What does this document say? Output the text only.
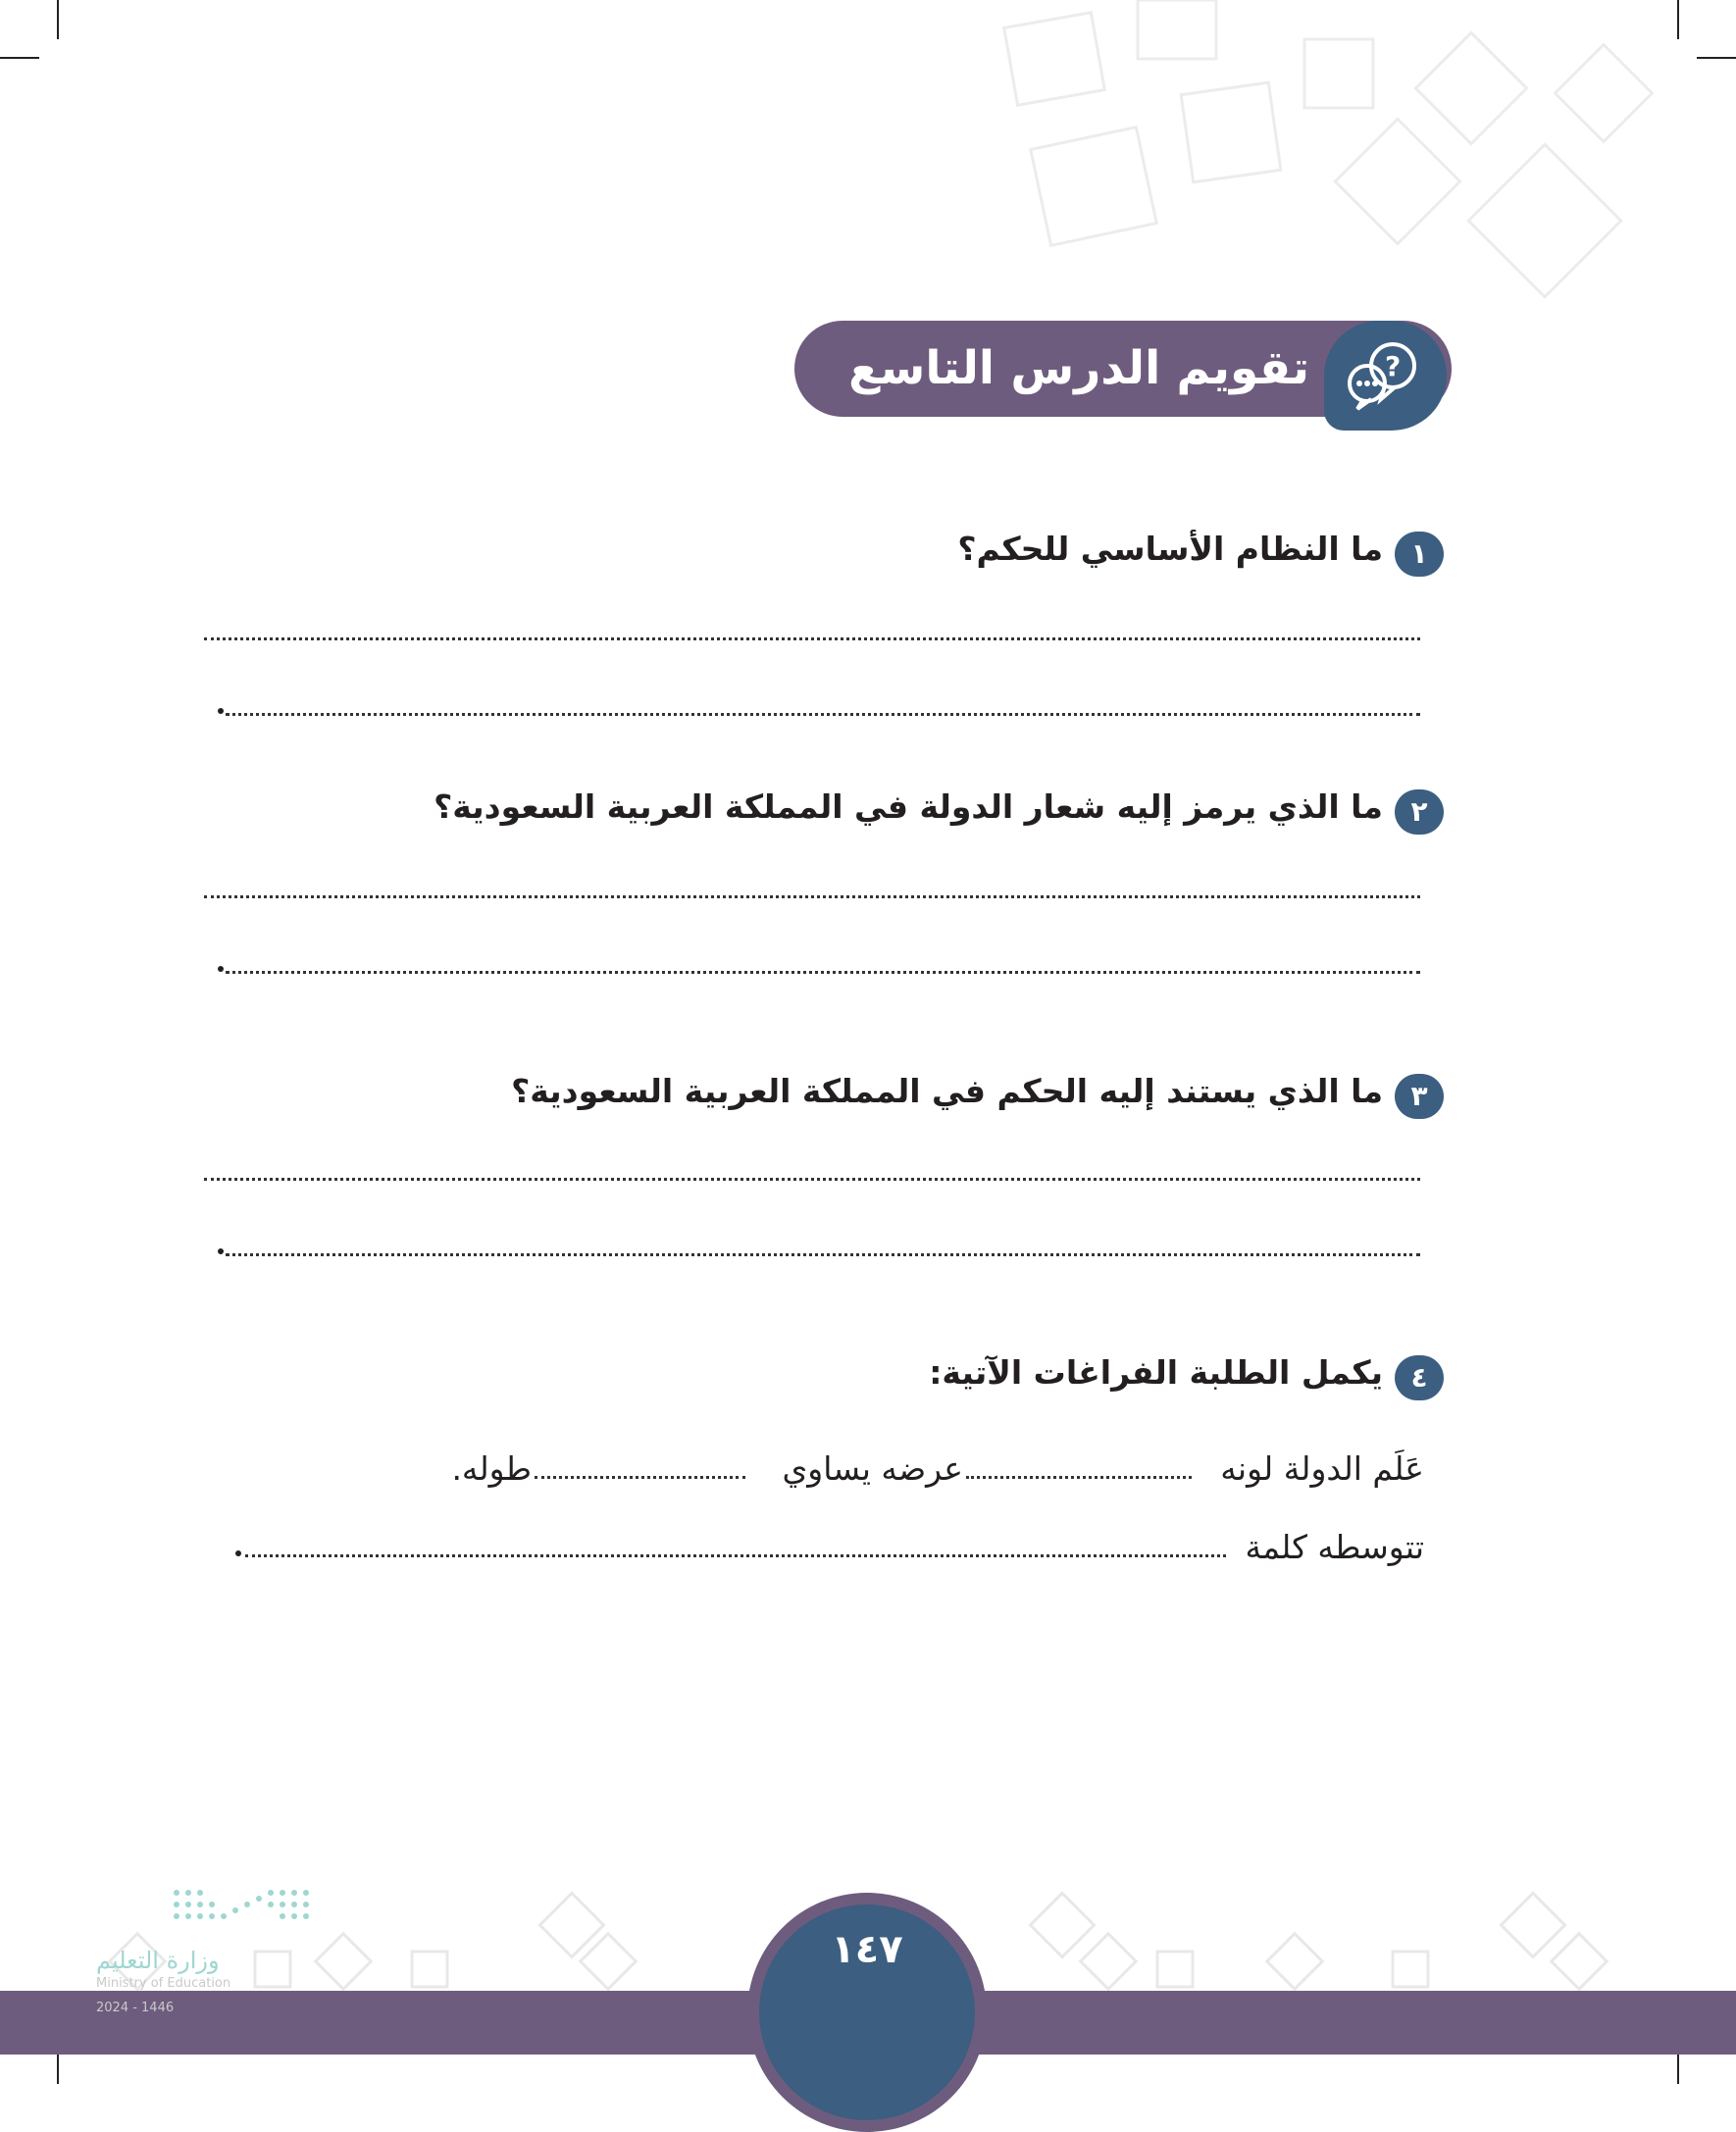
تقويم الدرس التاسع عشر
?
١
ما النظام الأساسي للحكم؟
٢
ما الذي يرمز إليه شعار الدولة في المملكة العربية السعودية؟
٣
ما الذي يستند إليه الحكم في المملكة العربية السعودية؟
٤
يكمل الطلبة الفراغات الآتية:
عَلَم الدولة لونه
عرضه يساوي
طوله.
تتوسطه كلمة
١٤٧
وزارة التعليم
Ministry of Education
2024 - 1446
